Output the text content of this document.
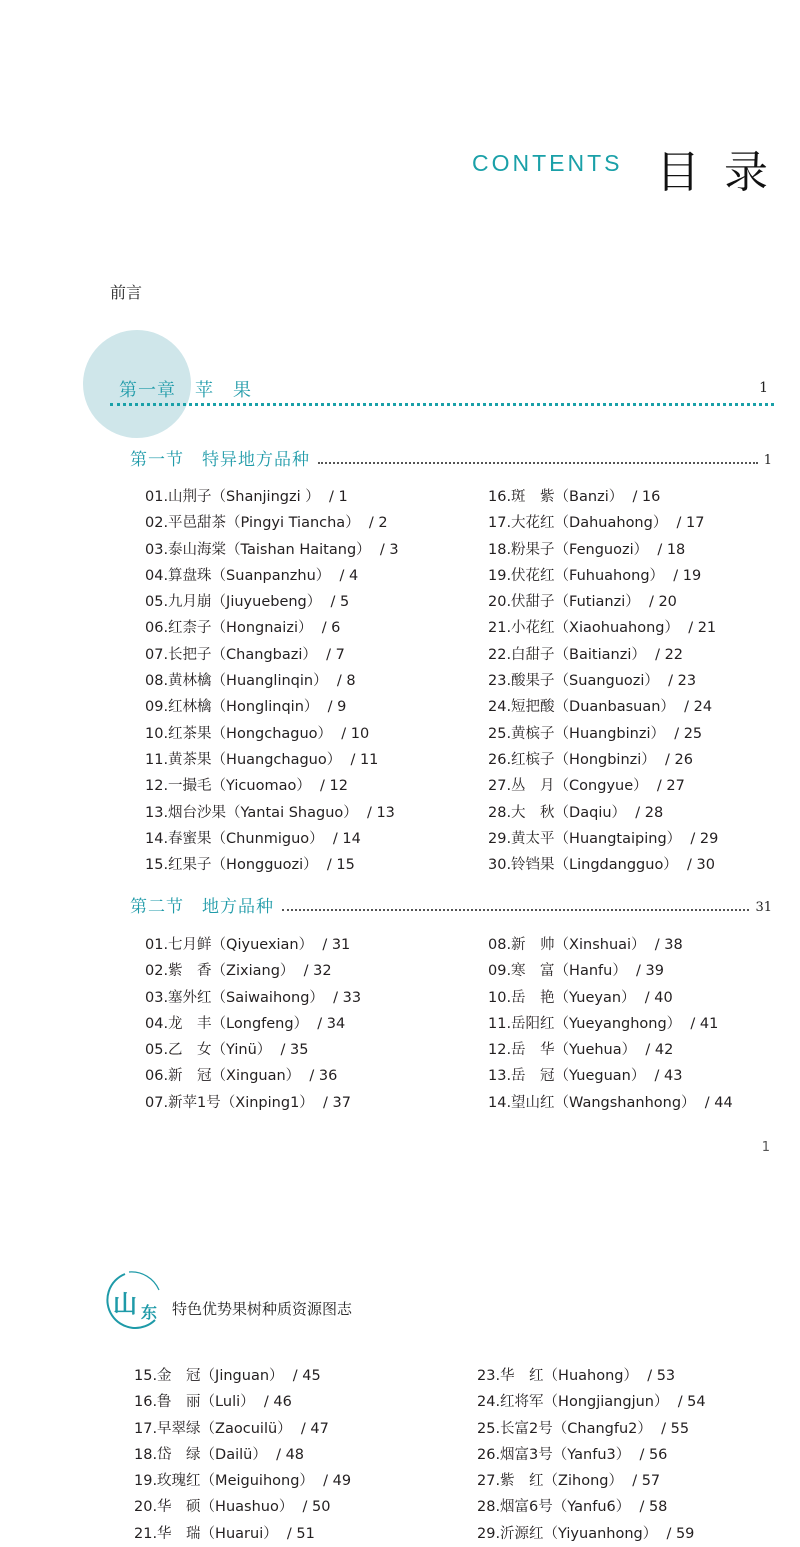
CONTENTS 目录
前言
第一章　苹　果	1
第一节　特异地方品种	1
01.山荆子（Shanjingzi ）  / 1
02.平邑甜茶（Pingyi Tiancha）  / 2
03.泰山海棠（Taishan Haitang）  / 3
04.算盘珠（Suanpanzhu）  / 4
05.九月崩（Jiuyuebeng）  / 5
06.红柰子（Hongnaizi）  / 6
07.长把子（Changbazi）  / 7
08.黄林檎（Huanglinqin）  / 8
09.红林檎（Honglinqin）  / 9
10.红茶果（Hongchaguo）  / 10
11.黄茶果（Huangchaguo）  / 11
12.一撮毛（Yicuomao）  / 12
13.烟台沙果（Yantai Shaguo）  / 13
14.春蜜果（Chunmiguo）  / 14
15.红果子（Hongguozi）  / 15
16.斑　紫（Banzi）  / 16
17.大花红（Dahuahong）  / 17
18.粉果子（Fenguozi）  / 18
19.伏花红（Fuhuahong）  / 19
20.伏甜子（Futianzi）  / 20
21.小花红（Xiaohuahong）  / 21
22.白甜子（Baitianzi）  / 22
23.酸果子（Suanguozi）  / 23
24.短把酸（Duanbasuan）  / 24
25.黄槟子（Huangbinzi）  / 25
26.红槟子（Hongbinzi）  / 26
27.丛　月（Congyue）  / 27
28.大　秋（Daqiu）  / 28
29.黄太平（Huangtaiping）  / 29
30.铃铛果（Lingdangguo）  / 30
第二节　地方品种	31
01.七月鲜（Qiyuexian）  / 31
02.紫　香（Zixiang）  / 32
03.塞外红（Saiwaihong）  / 33
04.龙　丰（Longfeng）  / 34
05.乙　女（Yinü）  / 35
06.新　冠（Xinguan）  / 36
07.新苹1号（Xinping1）  / 37
08.新　帅（Xinshuai）  / 38
09.寒　富（Hanfu）  / 39
10.岳　艳（Yueyan）  / 40
11.岳阳红（Yueyanghong）  / 41
12.岳　华（Yuehua）  / 42
13.岳　冠（Yueguan）  / 43
14.望山红（Wangshanhong）  / 44
1
山 东 特色优势果树种质资源图志
15.金　冠（Jinguan）  / 45
16.鲁　丽（Luli）  / 46
17.早翠绿（Zaocuilü）  / 47
18.岱　绿（Dailü）  / 48
19.玫瑰红（Meiguihong）  / 49
20.华　硕（Huashuo）  / 50
21.华　瑞（Huarui）  / 51
23.华　红（Huahong）  / 53
24.红将军（Hongjiangjun）  / 54
25.长富2号（Changfu2）  / 55
26.烟富3号（Yanfu3）  / 56
27.紫　红（Zihong）  / 57
28.烟富6号（Yanfu6）  / 58
29.沂源红（Yiyuanhong）  / 59
